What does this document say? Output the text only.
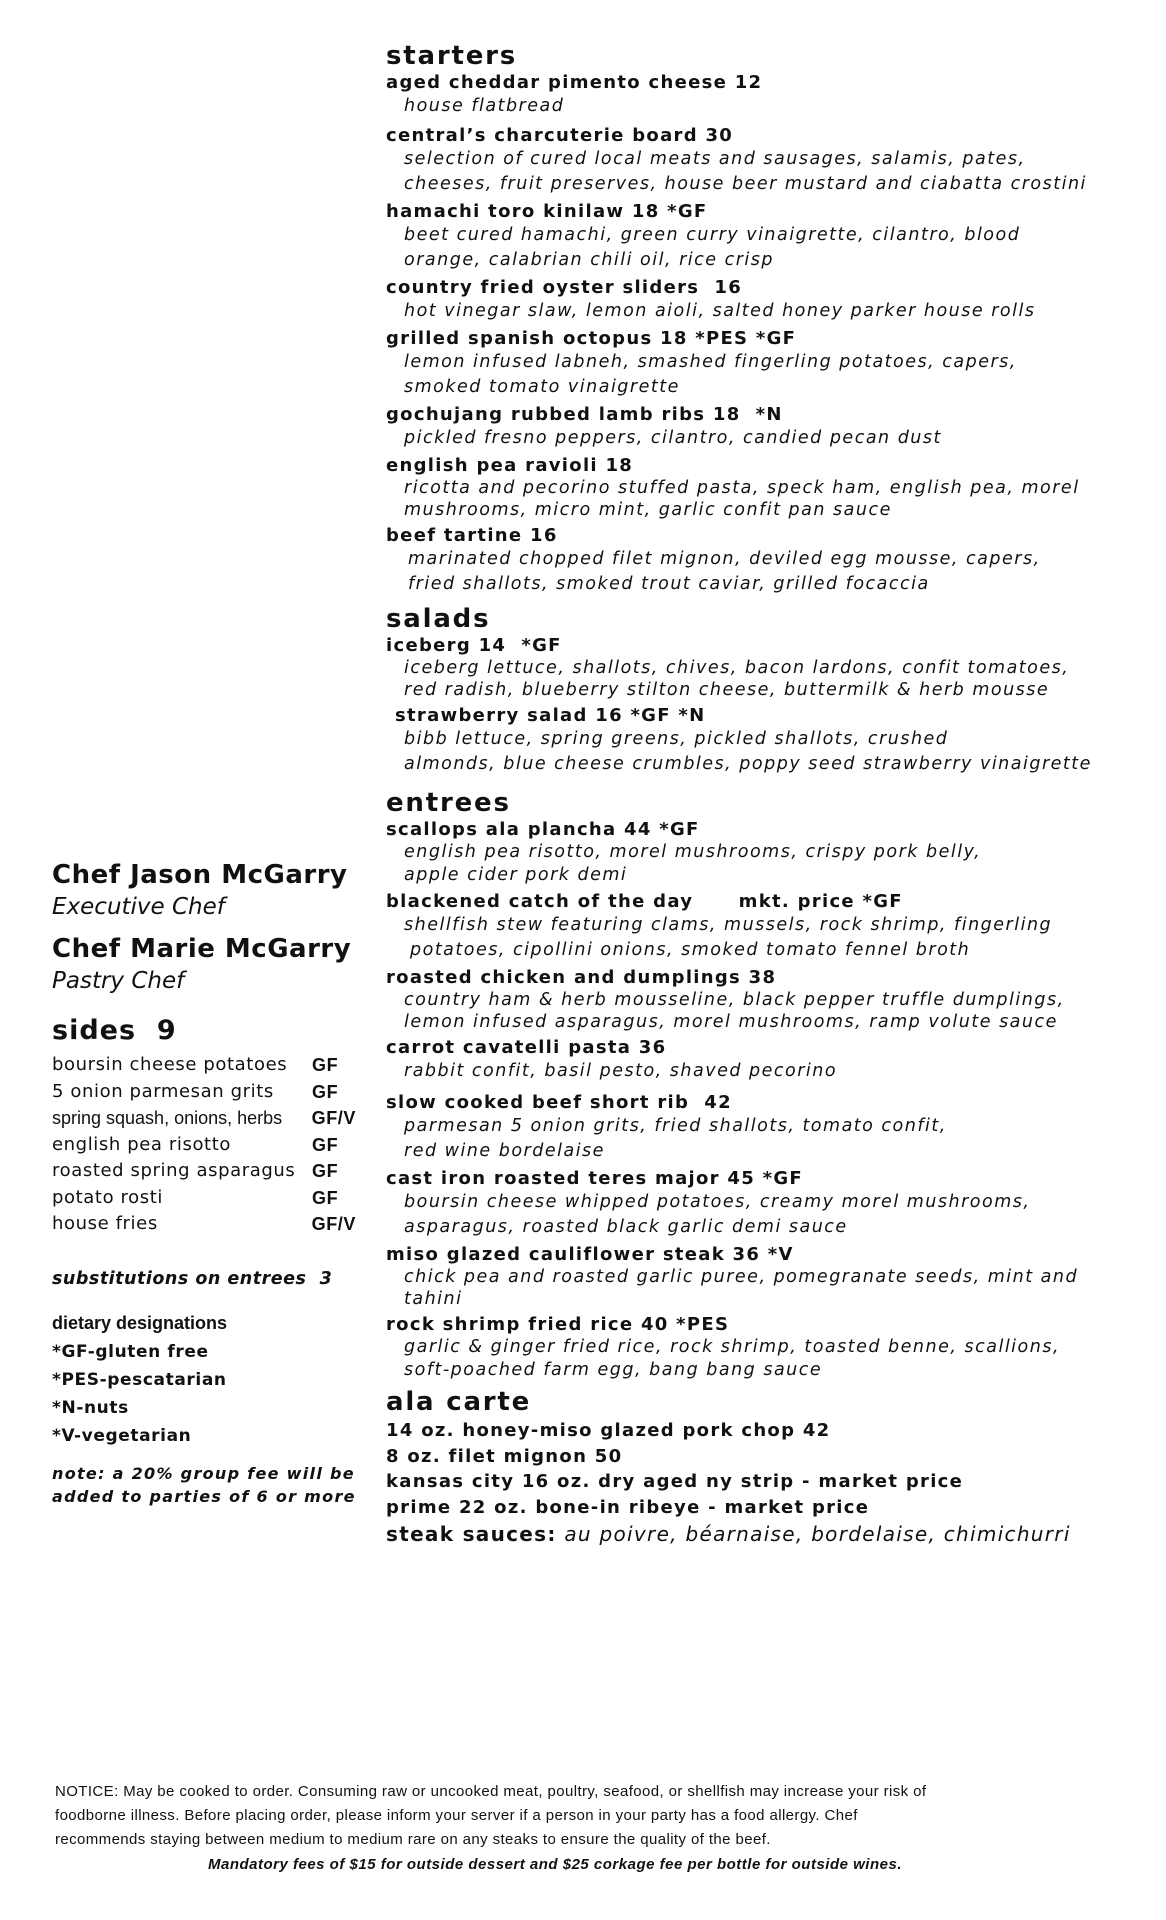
Chef Jason McGarry

Executive Chef

Chef Marie McGarry

Pastry Chef

sides  9
boursin cheese potatoes GF
5 onion parmesan grits GF
spring squash, onions, herbs GF/V
english pea risotto	GF
roasted spring asparagus GF
potato rosti	GF
house fries	GF/V
substitutions on entrees  3
dietary designations
*GF-gluten free
*PES-pescatarian
*N-nuts
*V-vegetarian
note: a 20% group fee will be
added to parties of 6 or more
starters
aged cheddar pimento cheese 12
house flatbread
central’s charcuterie board 30
selection of cured local meats and sausages, salamis, pates,
cheeses, fruit preserves, house beer mustard and ciabatta crostini
hamachi toro kinilaw 18 *GF
beet cured hamachi, green curry vinaigrette, cilantro, blood
orange, calabrian chili oil, rice crisp
country fried oyster sliders  16
hot vinegar slaw, lemon aioli, salted honey parker house rolls
grilled spanish octopus 18 *PES *GF
lemon infused labneh, smashed fingerling potatoes, capers,
smoked tomato vinaigrette
gochujang rubbed lamb ribs 18  *N
pickled fresno peppers, cilantro, candied pecan dust
english pea ravioli 18
ricotta and pecorino stuffed pasta, speck ham, english pea, morel
mushrooms, micro mint, garlic confit pan sauce
beef tartine 16
marinated chopped filet mignon, deviled egg mousse, capers,
fried shallots, smoked trout caviar, grilled focaccia
salads
iceberg 14  *GF
iceberg lettuce, shallots, chives, bacon lardons, confit tomatoes,
red radish, blueberry stilton cheese, buttermilk & herb mousse
strawberry salad 16 *GF *N
bibb lettuce, spring greens, pickled shallots, crushed
almonds, blue cheese crumbles, poppy seed strawberry vinaigrette
entrees
scallops ala plancha 44 *GF
english pea risotto, morel mushrooms, crispy pork belly,
apple cider pork demi
blackened catch of the day      mkt. price *GF
shellfish stew featuring clams, mussels, rock shrimp, fingerling
potatoes, cipollini onions, smoked tomato fennel broth
roasted chicken and dumplings 38
country ham & herb mousseline, black pepper truffle dumplings,
lemon infused asparagus, morel mushrooms, ramp volute sauce
carrot cavatelli pasta 36
rabbit confit, basil pesto, shaved pecorino
slow cooked beef short rib  42
parmesan 5 onion grits, fried shallots, tomato confit,
red wine bordelaise
cast iron roasted teres major 45 *GF
boursin cheese whipped potatoes, creamy morel mushrooms,
asparagus, roasted black garlic demi sauce
miso glazed cauliflower steak 36 *V
chick pea and roasted garlic puree, pomegranate seeds, mint and
tahini
rock shrimp fried rice 40 *PES
garlic & ginger fried rice, rock shrimp, toasted benne, scallions,
soft-poached farm egg, bang bang sauce
ala carte
14 oz. honey-miso glazed pork chop 42
8 oz. filet mignon 50
kansas city 16 oz. dry aged ny strip - market price
prime 22 oz. bone-in ribeye - market price
steak sauces: au poivre, béarnaise, bordelaise, chimichurri

NOTICE: May be cooked to order. Consuming raw or uncooked meat, poultry, seafood, or shellfish may increase your risk of

foodborne illness. Before placing order, please inform your server if a person in your party has a food allergy. Chef

recommends staying between medium to medium rare on any steaks to ensure the quality of the beef.

Mandatory fees of $15 for outside dessert and $25 corkage fee per bottle for outside wines.
